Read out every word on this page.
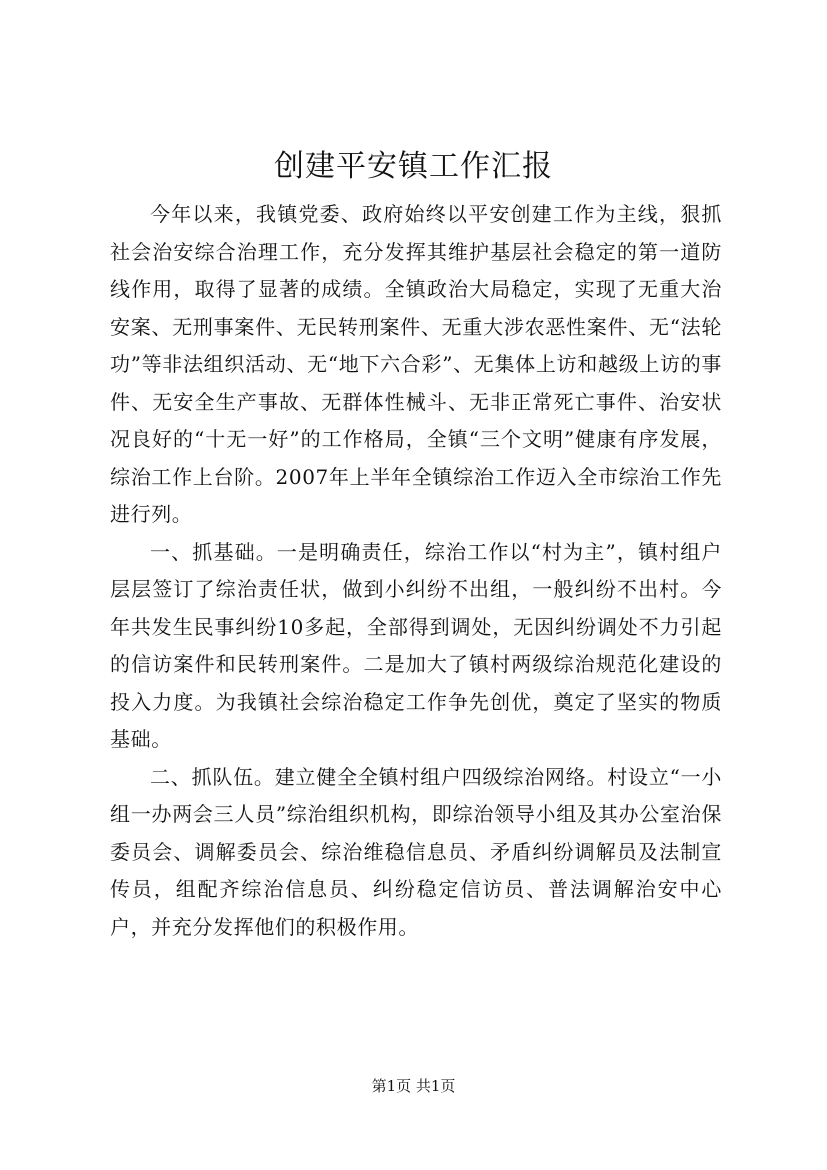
创建平安镇工作汇报

今年以来，我镇党委、政府始终以平安创建工作为主线，狠抓社会治安综合治理工作，充分发挥其维护基层社会稳定的第一道防线作用，取得了显著的成绩。全镇政治大局稳定，实现了无重大治安案、无刑事案件、无民转刑案件、无重大涉农恶性案件、无“法轮功”等非法组织活动、无“地下六合彩”、无集体上访和越级上访的事件、无安全生产事故、无群体性械斗、无非正常死亡事件、治安状况良好的“十无一好”的工作格局，全镇“三个文明”健康有序发展，综治工作上台阶。2007年上半年全镇综治工作迈入全市综治工作先进行列。

一、抓基础。一是明确责任，综治工作以“村为主”，镇村组户层层签订了综治责任状，做到小纠纷不出组，一般纠纷不出村。今年共发生民事纠纷10多起，全部得到调处，无因纠纷调处不力引起的信访案件和民转刑案件。二是加大了镇村两级综治规范化建设的投入力度。为我镇社会综治稳定工作争先创优，奠定了坚实的物质基础。

二、抓队伍。建立健全全镇村组户四级综治网络。村设立“一小组一办两会三人员”综治组织机构，即综治领导小组及其办公室治保委员会、调解委员会、综治维稳信息员、矛盾纠纷调解员及法制宣传员，组配齐综治信息员、纠纷稳定信访员、普法调解治安中心户，并充分发挥他们的积极作用。

第1页 共1页
